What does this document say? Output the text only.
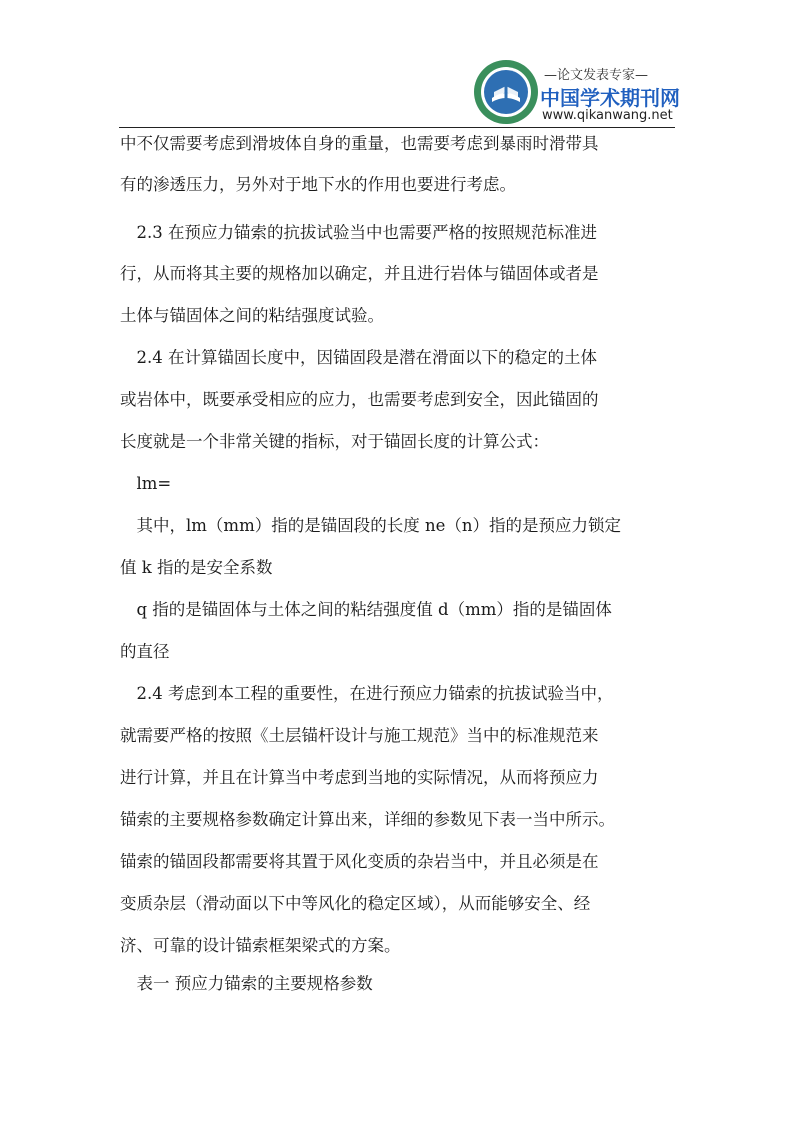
—论文发表专家—
中国学术期刊网
www.qikanwang.net
中不仅需要考虑到滑坡体自身的重量，也需要考虑到暴雨时滑带具
有的渗透压力，另外对于地下水的作用也要进行考虑。
　2.3 在预应力锚索的抗拔试验当中也需要严格的按照规范标准进
行，从而将其主要的规格加以确定，并且进行岩体与锚固体或者是
土体与锚固体之间的粘结强度试验。
　2.4 在计算锚固长度中，因锚固段是潜在滑面以下的稳定的土体
或岩体中，既要承受相应的应力，也需要考虑到安全，因此锚固的
长度就是一个非常关键的指标，对于锚固长度的计算公式：
　lm=
　其中，lm（mm）指的是锚固段的长度 ne（n）指的是预应力锁定
值 k 指的是安全系数
　q 指的是锚固体与土体之间的粘结强度值 d（mm）指的是锚固体
的直径
　2.4 考虑到本工程的重要性，在进行预应力锚索的抗拔试验当中，
就需要严格的按照《土层锚杆设计与施工规范》当中的标准规范来
进行计算，并且在计算当中考虑到当地的实际情况，从而将预应力
锚索的主要规格参数确定计算出来，详细的参数见下表一当中所示。
锚索的锚固段都需要将其置于风化变质的杂岩当中，并且必须是在
变质杂层（滑动面以下中等风化的稳定区域），从而能够安全、经
济、可靠的设计锚索框架梁式的方案。
　表一 预应力锚索的主要规格参数
